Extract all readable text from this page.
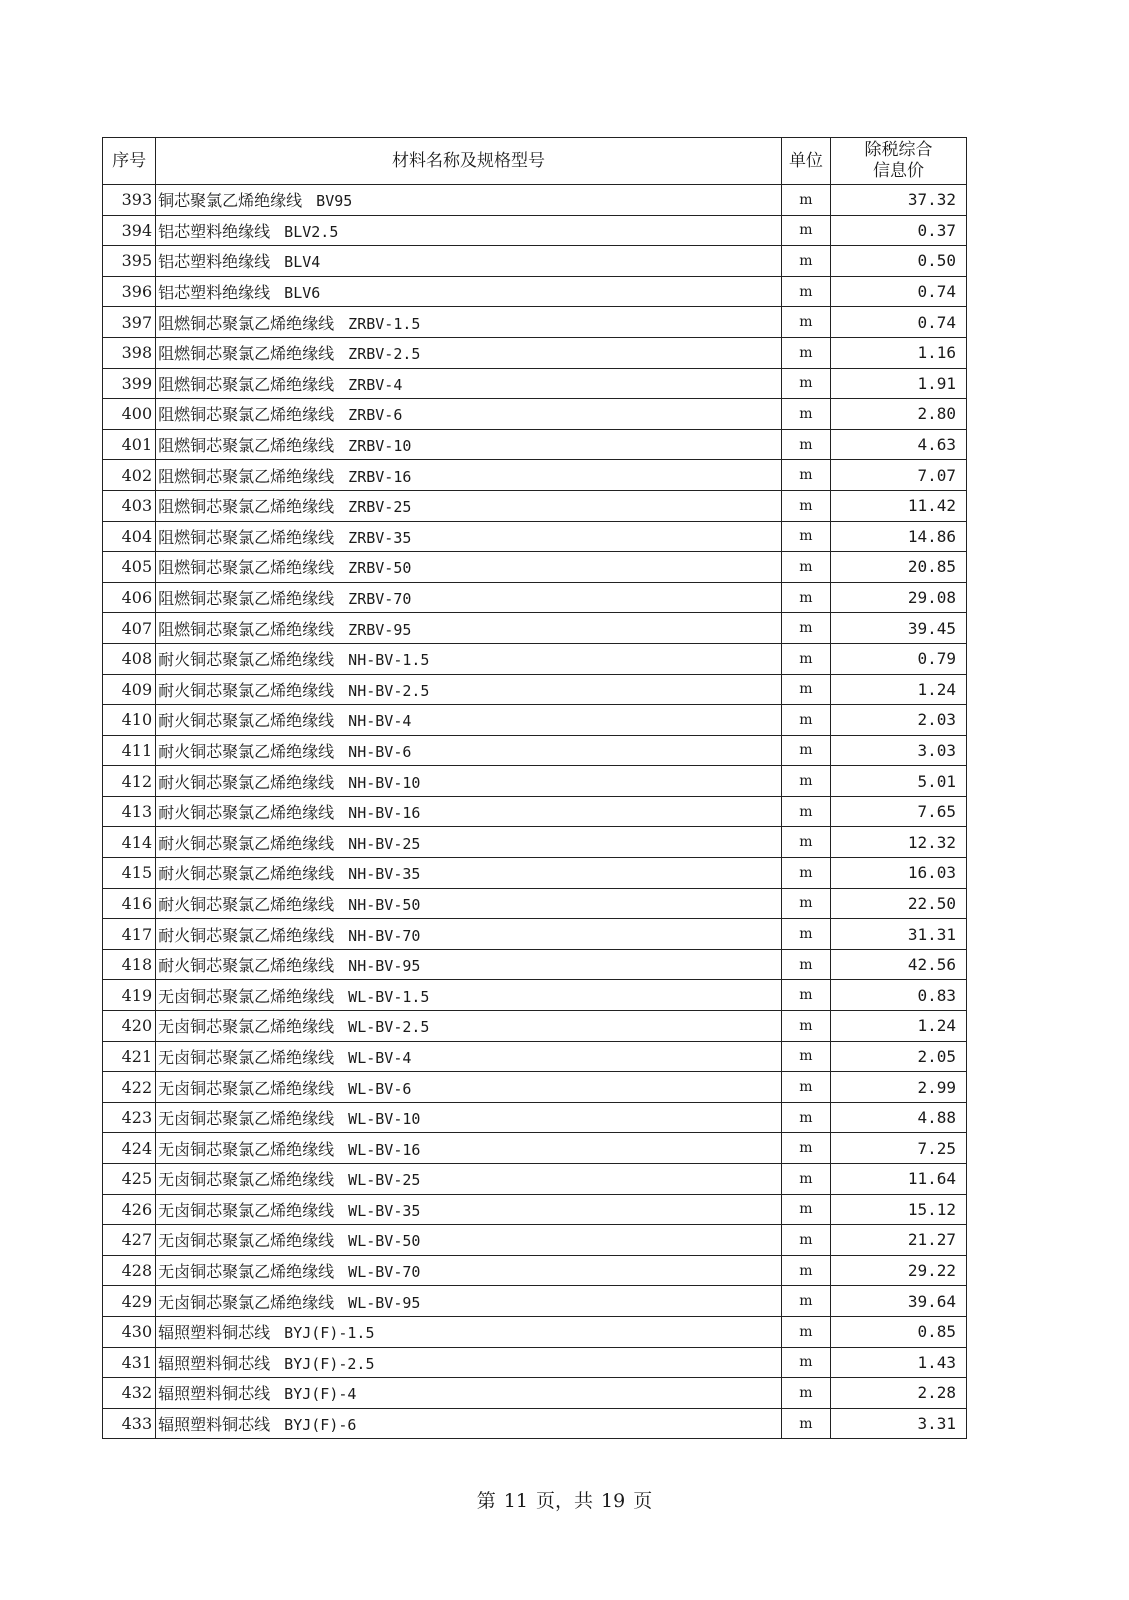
序号	材料名称及规格型号	单位	除税综合
信息价

393	铜芯聚氯乙烯绝缘线 BV95	m	37.32
394	铝芯塑料绝缘线 BLV2.5	m	0.37
395	铝芯塑料绝缘线 BLV4	m	0.50
396	铝芯塑料绝缘线 BLV6	m	0.74
397	阻燃铜芯聚氯乙烯绝缘线 ZRBV-1.5	m	0.74
398	阻燃铜芯聚氯乙烯绝缘线 ZRBV-2.5	m	1.16
399	阻燃铜芯聚氯乙烯绝缘线 ZRBV-4	m	1.91
400	阻燃铜芯聚氯乙烯绝缘线 ZRBV-6	m	2.80
401	阻燃铜芯聚氯乙烯绝缘线 ZRBV-10	m	4.63
402	阻燃铜芯聚氯乙烯绝缘线 ZRBV-16	m	7.07
403	阻燃铜芯聚氯乙烯绝缘线 ZRBV-25	m	11.42
404	阻燃铜芯聚氯乙烯绝缘线 ZRBV-35	m	14.86
405	阻燃铜芯聚氯乙烯绝缘线 ZRBV-50	m	20.85
406	阻燃铜芯聚氯乙烯绝缘线 ZRBV-70	m	29.08
407	阻燃铜芯聚氯乙烯绝缘线 ZRBV-95	m	39.45
408	耐火铜芯聚氯乙烯绝缘线 NH-BV-1.5	m	0.79
409	耐火铜芯聚氯乙烯绝缘线 NH-BV-2.5	m	1.24
410	耐火铜芯聚氯乙烯绝缘线 NH-BV-4	m	2.03
411	耐火铜芯聚氯乙烯绝缘线 NH-BV-6	m	3.03
412	耐火铜芯聚氯乙烯绝缘线 NH-BV-10	m	5.01
413	耐火铜芯聚氯乙烯绝缘线 NH-BV-16	m	7.65
414	耐火铜芯聚氯乙烯绝缘线 NH-BV-25	m	12.32
415	耐火铜芯聚氯乙烯绝缘线 NH-BV-35	m	16.03
416	耐火铜芯聚氯乙烯绝缘线 NH-BV-50	m	22.50
417	耐火铜芯聚氯乙烯绝缘线 NH-BV-70	m	31.31
418	耐火铜芯聚氯乙烯绝缘线 NH-BV-95	m	42.56
419	无卤铜芯聚氯乙烯绝缘线 WL-BV-1.5	m	0.83
420	无卤铜芯聚氯乙烯绝缘线 WL-BV-2.5	m	1.24
421	无卤铜芯聚氯乙烯绝缘线 WL-BV-4	m	2.05
422	无卤铜芯聚氯乙烯绝缘线 WL-BV-6	m	2.99
423	无卤铜芯聚氯乙烯绝缘线 WL-BV-10	m	4.88
424	无卤铜芯聚氯乙烯绝缘线 WL-BV-16	m	7.25
425	无卤铜芯聚氯乙烯绝缘线 WL-BV-25	m	11.64
426	无卤铜芯聚氯乙烯绝缘线 WL-BV-35	m	15.12
427	无卤铜芯聚氯乙烯绝缘线 WL-BV-50	m	21.27
428	无卤铜芯聚氯乙烯绝缘线 WL-BV-70	m	29.22
429	无卤铜芯聚氯乙烯绝缘线 WL-BV-95	m	39.64
430	辐照塑料铜芯线 BYJ(F)-1.5	m	0.85
431	辐照塑料铜芯线 BYJ(F)-2.5	m	1.43
432	辐照塑料铜芯线 BYJ(F)-4	m	2.28
433	辐照塑料铜芯线 BYJ(F)-6	m	3.31
第 11 页，共 19 页
